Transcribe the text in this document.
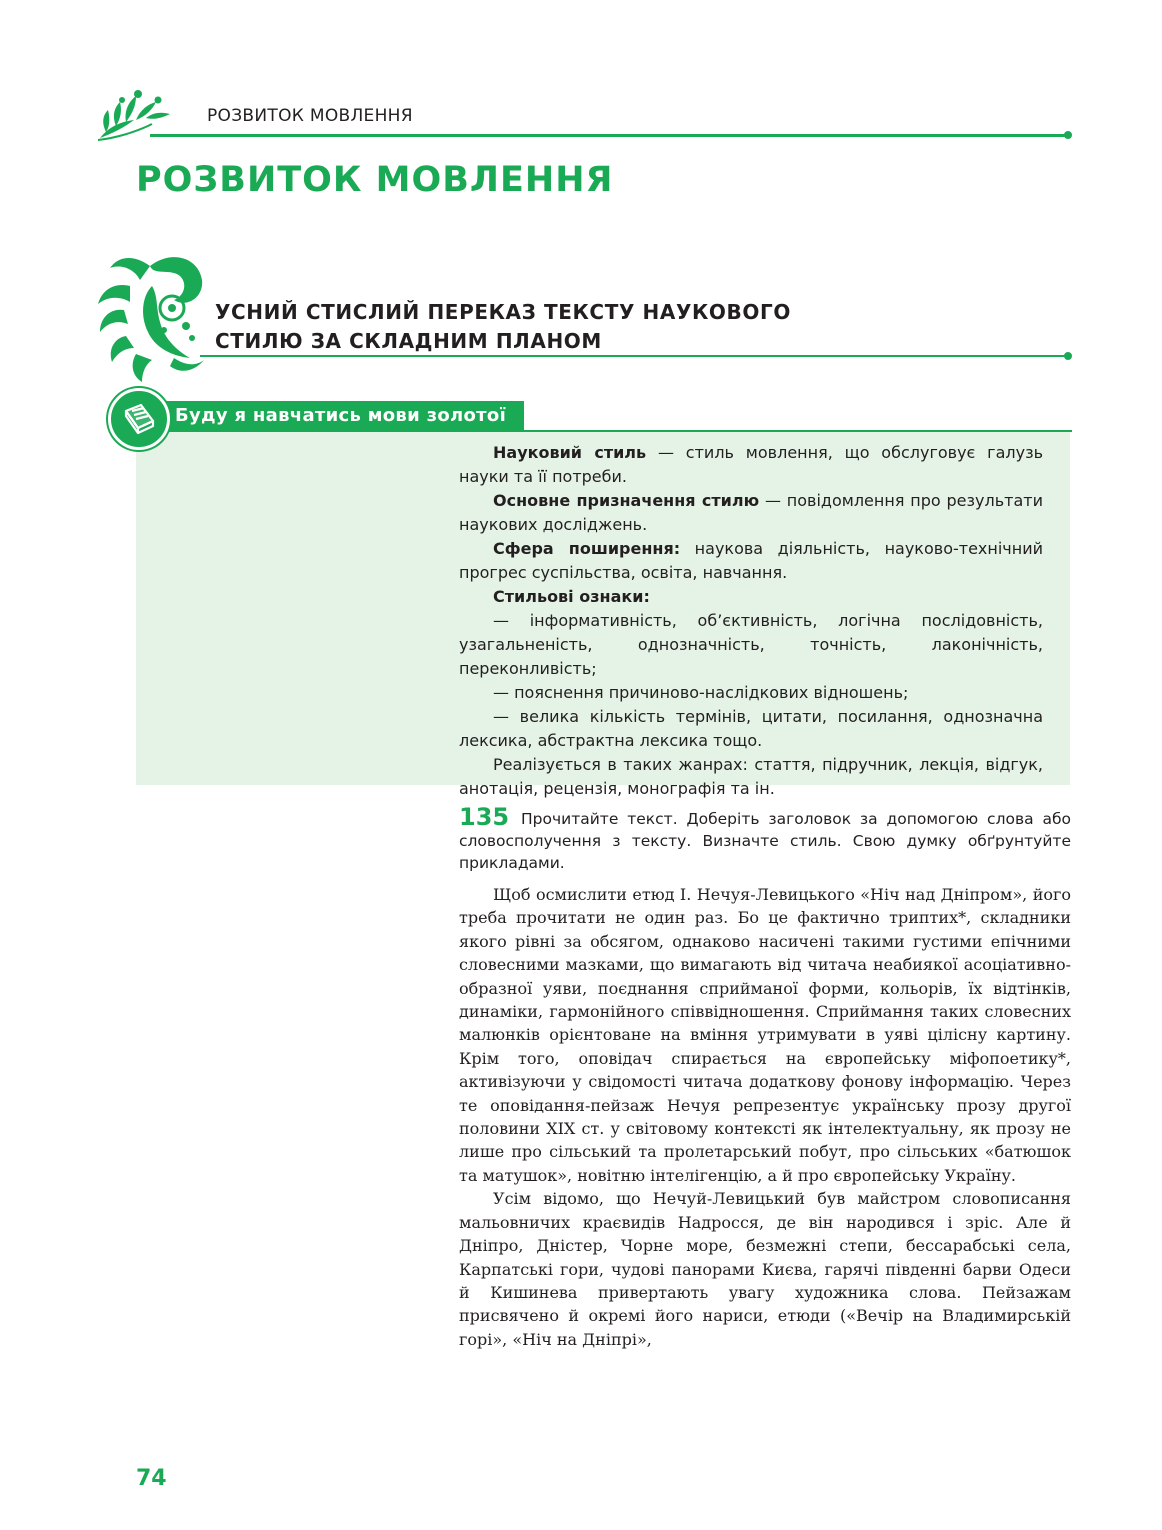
РОЗВИТОК МОВЛЕННЯ
РОЗВИТОК МОВЛЕННЯ
УСНИЙ СТИСЛИЙ ПЕРЕКАЗ ТЕКСТУ НАУКОВОГО
СТИЛЮ ЗА СКЛАДНИМ ПЛАНОМ
Буду я навчатись мови золотої

Науковий стиль — стиль мовлення, що обслуговує галузь науки та її потреби.

Основне призначення стилю — повідомлення про результати наукових досліджень.

Сфера поширення: наукова діяльність, науково-технічний прогрес суспільства, освіта, навчання.

Стильові ознаки:

— інформативність, об’єктивність, логічна послідовність, узагальненість, однозначність, точність, лаконічність, переконливість;

— пояснення причиново-наслідкових відношень;

— велика кількість термінів, цитати, посилання, однозначна лексика, абстрактна лексика тощо.

Реалізується в таких жанрах: стаття, підручник, лекція, відгук, анотація, рецензія, монографія та ін.

135 Прочитайте текст. Доберіть заголовок за допомогою слова або словосполучення з тексту. Визначте стиль. Свою думку обґрунтуйте прикладами.

Щоб осмислити етюд І. Нечуя-Левицького «Ніч над Дніпром», його треба прочитати не один раз. Бо це фактично триптих*, складники якого рівні за обсягом, однаково насичені такими густими епічними словесними мазками, що вимагають від читача неабиякої асоціативно-образної уяви, поєднання сприйманої форми, кольорів, їх відтінків, динаміки, гармонійного співвідношення. Сприймання таких словесних малюнків орієнтоване на вміння утримувати в уяві цілісну картину. Крім того, оповідач спирається на європейську міфопоетику*, активізуючи у свідомості читача додаткову фонову інформацію. Через те оповідання-пейзаж Нечуя репрезентує українську прозу другої половини ХІХ ст. у світовому контексті як інтелектуальну, як прозу не лише про сільський та пролетарський побут, про сільських «батюшок та матушок», новітню інтелігенцію, а й про європейську Україну.

Усім відомо, що Нечуй-Левицький був майстром словописання мальовничих краєвидів Надросся, де він народився і зріс. Але й Дніпро, Дністер, Чорне море, безмежні степи, бессарабські села, Карпатські гори, чудові панорами Києва, гарячі південні барви Одеси й Кишинева привертають увагу художника слова. Пейзажам присвячено й окремі його нариси, етюди («Вечір на Владимирській горі», «Ніч на Дніпрі»,

74
